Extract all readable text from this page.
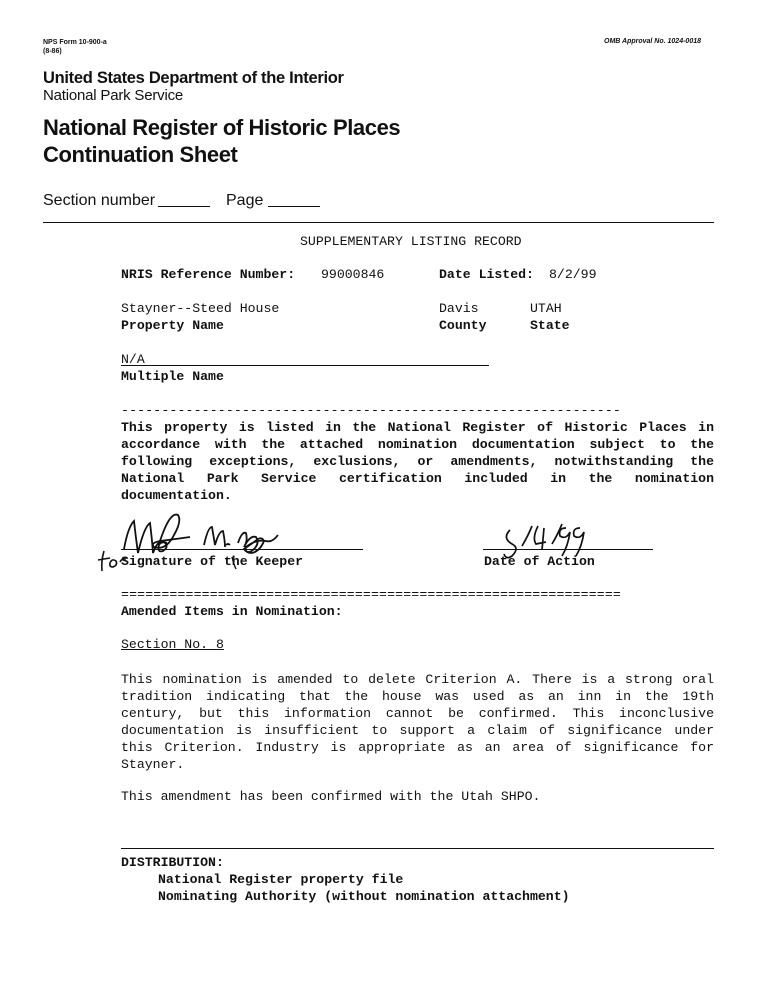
NPS Form 10-900-a
(8-86)
OMB Approval No. 1024-0018
United States Department of the Interior
National Park Service
National Register of Historic Places
Continuation Sheet
Section number	Page
SUPPLEMENTARY LISTING RECORD
NRIS Reference Number: 99000846	Date Listed: 8/2/99
Stayner--Steed House	Davis	UTAH
Property Name	County	State
N/A
Multiple Name
--------------------------------------------------------------
This property is listed in the National Register of Historic Places in accordance with the attached nomination documentation subject to the following exceptions, exclusions, or amendments, notwithstanding the National Park Service certification included in the nomination documentation.
Signature of the Keeper	Date of Action
==============================================================
Amended Items in Nomination:
Section No. 8
This nomination is amended to delete Criterion A. There is a strong oral tradition indicating that the house was used as an inn in the 19th century, but this information cannot be confirmed. This inconclusive documentation is insufficient to support a claim of significance under this Criterion. Industry is appropriate as an area of significance for Stayner.
This amendment has been confirmed with the Utah SHPO.
DISTRIBUTION:
National Register property file
Nominating Authority (without nomination attachment)
